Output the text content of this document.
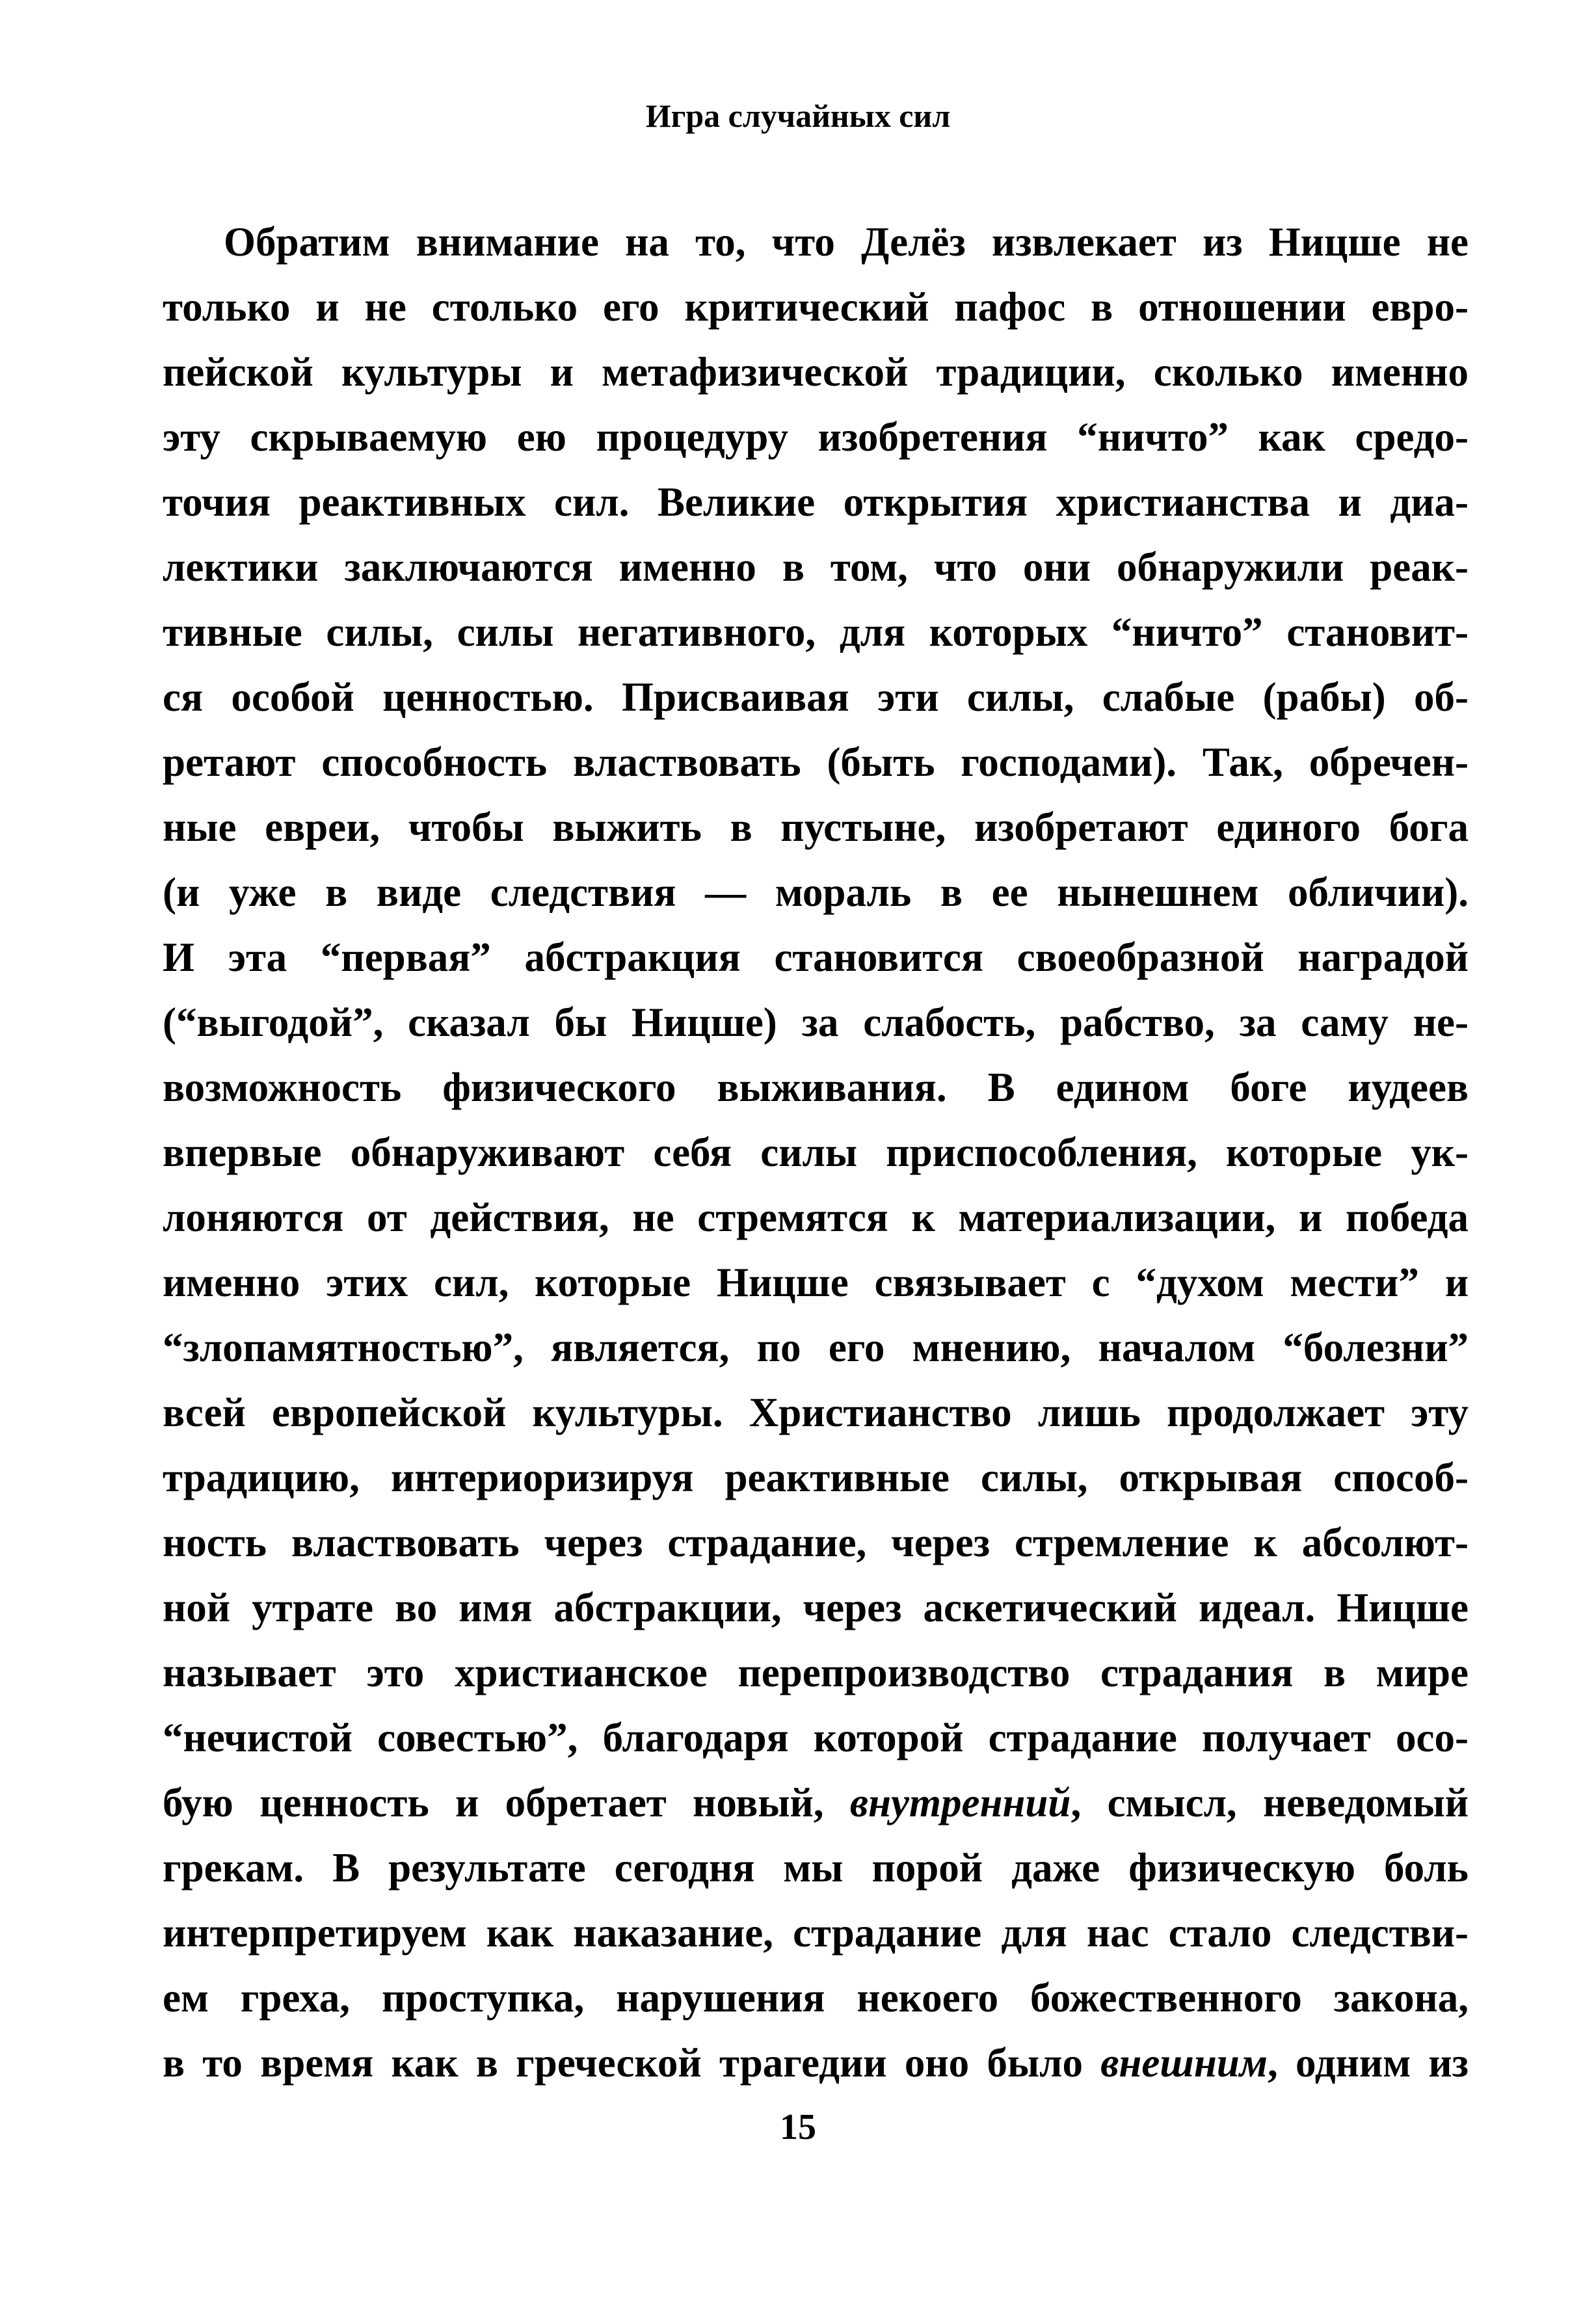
Игра случайных сил
Обратим внимание на то, что Делёз извлекает из Ницше не
только и не столько его критический пафос в отношении евро-
пейской культуры и метафизической традиции, сколько именно
эту скрываемую ею процедуру изобретения “ничто” как средо-
точия реактивных сил. Великие открытия христианства и диа-
лектики заключаются именно в том, что они обнаружили реак-
тивные силы, силы негативного, для которых “ничто” становит-
ся особой ценностью. Присваивая эти силы, слабые (рабы) об-
ретают способность властвовать (быть господами). Так, обречен-
ные евреи, чтобы выжить в пустыне, изобретают единого бога
(и уже в виде следствия — мораль в ее нынешнем обличии).
И эта “первая” абстракция становится своеобразной наградой
(“выгодой”, сказал бы Ницше) за слабость, рабство, за саму не-
возможность физического выживания. В едином боге иудеев
впервые обнаруживают себя силы приспособления, которые ук-
лоняются от действия, не стремятся к материализации, и победа
именно этих сил, которые Ницше связывает с “духом мести” и
“злопамятностью”, является, по его мнению, началом “болезни”
всей европейской культуры. Христианство лишь продолжает эту
традицию, интериоризируя реактивные силы, открывая способ-
ность властвовать через страдание, через стремление к абсолют-
ной утрате во имя абстракции, через аскетический идеал. Ницше
называет это христианское перепроизводство страдания в мире
“нечистой совестью”, благодаря которой страдание получает осо-
бую ценность и обретает новый, внутренний, смысл, неведомый
грекам. В результате сегодня мы порой даже физическую боль
интерпретируем как наказание, страдание для нас стало следстви-
ем греха, проступка, нарушения некоего божественного закона,
в то время как в греческой трагедии оно было внешним, одним из
15
